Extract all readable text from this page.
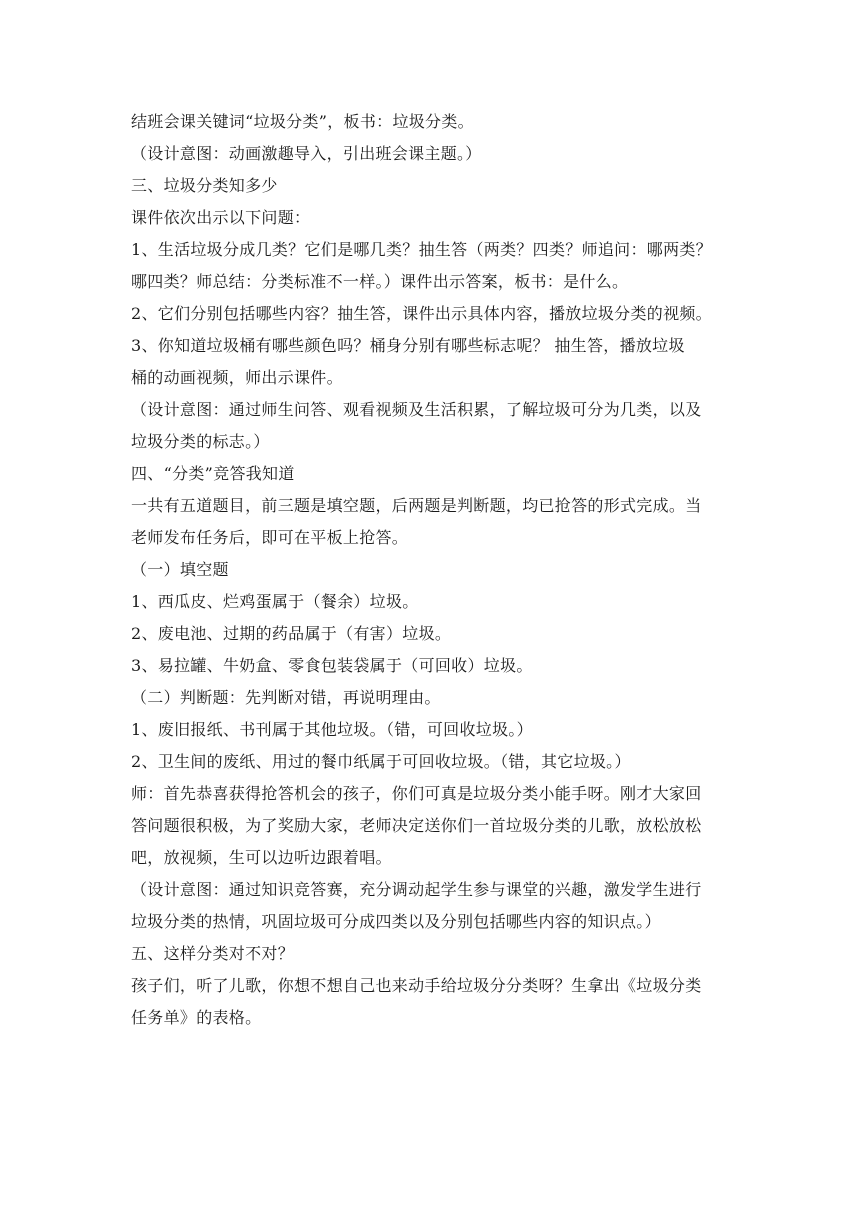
结班会课关键词“垃圾分类”，板书：垃圾分类。
（设计意图：动画激趣导入，引出班会课主题。）
三、垃圾分类知多少
课件依次出示以下问题：
1、生活垃圾分成几类？它们是哪几类？抽生答（两类？四类？师追问：哪两类？
哪四类？师总结：分类标准不一样。）课件出示答案，板书：是什么。
2、它们分别包括哪些内容？抽生答，课件出示具体内容，播放垃圾分类的视频。
3、你知道垃圾桶有哪些颜色吗？桶身分别有哪些标志呢？ 抽生答，播放垃圾
桶的动画视频，师出示课件。
（设计意图：通过师生问答、观看视频及生活积累，了解垃圾可分为几类，以及
垃圾分类的标志。）
四、“分类”竞答我知道
一共有五道题目，前三题是填空题，后两题是判断题，均已抢答的形式完成。当
老师发布任务后，即可在平板上抢答。
（一）填空题
1、西瓜皮、烂鸡蛋属于（餐余）垃圾。
2、废电池、过期的药品属于（有害）垃圾。
3、易拉罐、牛奶盒、零食包装袋属于（可回收）垃圾。
（二）判断题：先判断对错，再说明理由。
1、废旧报纸、书刊属于其他垃圾。（错，可回收垃圾。）
2、卫生间的废纸、用过的餐巾纸属于可回收垃圾。（错，其它垃圾。）
师：首先恭喜获得抢答机会的孩子，你们可真是垃圾分类小能手呀。刚才大家回
答问题很积极，为了奖励大家，老师决定送你们一首垃圾分类的儿歌，放松放松
吧，放视频，生可以边听边跟着唱。
（设计意图：通过知识竞答赛，充分调动起学生参与课堂的兴趣，激发学生进行
垃圾分类的热情，巩固垃圾可分成四类以及分别包括哪些内容的知识点。）
五、这样分类对不对？
孩子们，听了儿歌，你想不想自己也来动手给垃圾分分类呀？生拿出《垃圾分类
任务单》的表格。
